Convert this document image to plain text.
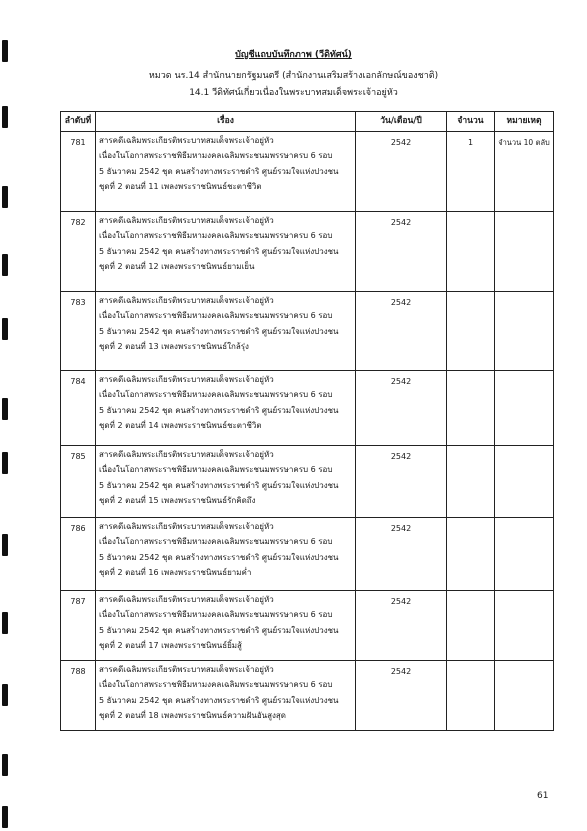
บัญชีแถบบันทึกภาพ (วีดิทัศน์)
หมวด นร.14 สำนักนายกรัฐมนตรี (สำนักงานเสริมสร้างเอกลักษณ์ของชาติ)
14.1 วีดิทัศน์เกี่ยวเนื่องในพระบาทสมเด็จพระเจ้าอยู่หัว
ลำดับที่	เรื่อง	วัน/เดือน/ปี	จำนวน	หมายเหตุ
781	สารคดีเฉลิมพระเกียรติพระบาทสมเด็จพระเจ้าอยู่หัว
เนื่องในโอกาสพระราชพิธีมหามงคลเฉลิมพระชนมพรรษาครบ 6 รอบ
5 ธันวาคม 2542 ชุด คนสร้างทางพระราชดำริ ศูนย์รวมใจแห่งปวงชน
ชุดที่ 2 ตอนที่ 11 เพลงพระราชนิพนธ์ชะตาชีวิต	2542	1	จำนวน 10 ตลับ
782	สารคดีเฉลิมพระเกียรติพระบาทสมเด็จพระเจ้าอยู่หัว
เนื่องในโอกาสพระราชพิธีมหามงคลเฉลิมพระชนมพรรษาครบ 6 รอบ
5 ธันวาคม 2542 ชุด คนสร้างทางพระราชดำริ ศูนย์รวมใจแห่งปวงชน
ชุดที่ 2 ตอนที่ 12 เพลงพระราชนิพนธ์ยามเย็น	2542		
783	สารคดีเฉลิมพระเกียรติพระบาทสมเด็จพระเจ้าอยู่หัว
เนื่องในโอกาสพระราชพิธีมหามงคลเฉลิมพระชนมพรรษาครบ 6 รอบ
5 ธันวาคม 2542 ชุด คนสร้างทางพระราชดำริ ศูนย์รวมใจแห่งปวงชน
ชุดที่ 2 ตอนที่ 13 เพลงพระราชนิพนธ์ใกล้รุ่ง	2542		
784	สารคดีเฉลิมพระเกียรติพระบาทสมเด็จพระเจ้าอยู่หัว
เนื่องในโอกาสพระราชพิธีมหามงคลเฉลิมพระชนมพรรษาครบ 6 รอบ
5 ธันวาคม 2542 ชุด คนสร้างทางพระราชดำริ ศูนย์รวมใจแห่งปวงชน
ชุดที่ 2 ตอนที่ 14 เพลงพระราชนิพนธ์ชะตาชีวิต	2542		
785	สารคดีเฉลิมพระเกียรติพระบาทสมเด็จพระเจ้าอยู่หัว
เนื่องในโอกาสพระราชพิธีมหามงคลเฉลิมพระชนมพรรษาครบ 6 รอบ
5 ธันวาคม 2542 ชุด คนสร้างทางพระราชดำริ ศูนย์รวมใจแห่งปวงชน
ชุดที่ 2 ตอนที่ 15 เพลงพระราชนิพนธ์รักคิดถึง	2542		
786	สารคดีเฉลิมพระเกียรติพระบาทสมเด็จพระเจ้าอยู่หัว
เนื่องในโอกาสพระราชพิธีมหามงคลเฉลิมพระชนมพรรษาครบ 6 รอบ
5 ธันวาคม 2542 ชุด คนสร้างทางพระราชดำริ ศูนย์รวมใจแห่งปวงชน
ชุดที่ 2 ตอนที่ 16 เพลงพระราชนิพนธ์ยามค่ำ	2542		
787	สารคดีเฉลิมพระเกียรติพระบาทสมเด็จพระเจ้าอยู่หัว
เนื่องในโอกาสพระราชพิธีมหามงคลเฉลิมพระชนมพรรษาครบ 6 รอบ
5 ธันวาคม 2542 ชุด คนสร้างทางพระราชดำริ ศูนย์รวมใจแห่งปวงชน
ชุดที่ 2 ตอนที่ 17 เพลงพระราชนิพนธ์ยิ้มสู้	2542		
788	สารคดีเฉลิมพระเกียรติพระบาทสมเด็จพระเจ้าอยู่หัว
เนื่องในโอกาสพระราชพิธีมหามงคลเฉลิมพระชนมพรรษาครบ 6 รอบ
5 ธันวาคม 2542 ชุด คนสร้างทางพระราชดำริ ศูนย์รวมใจแห่งปวงชน
ชุดที่ 2 ตอนที่ 18 เพลงพระราชนิพนธ์ความฝันอันสูงสุด	2542		
61
